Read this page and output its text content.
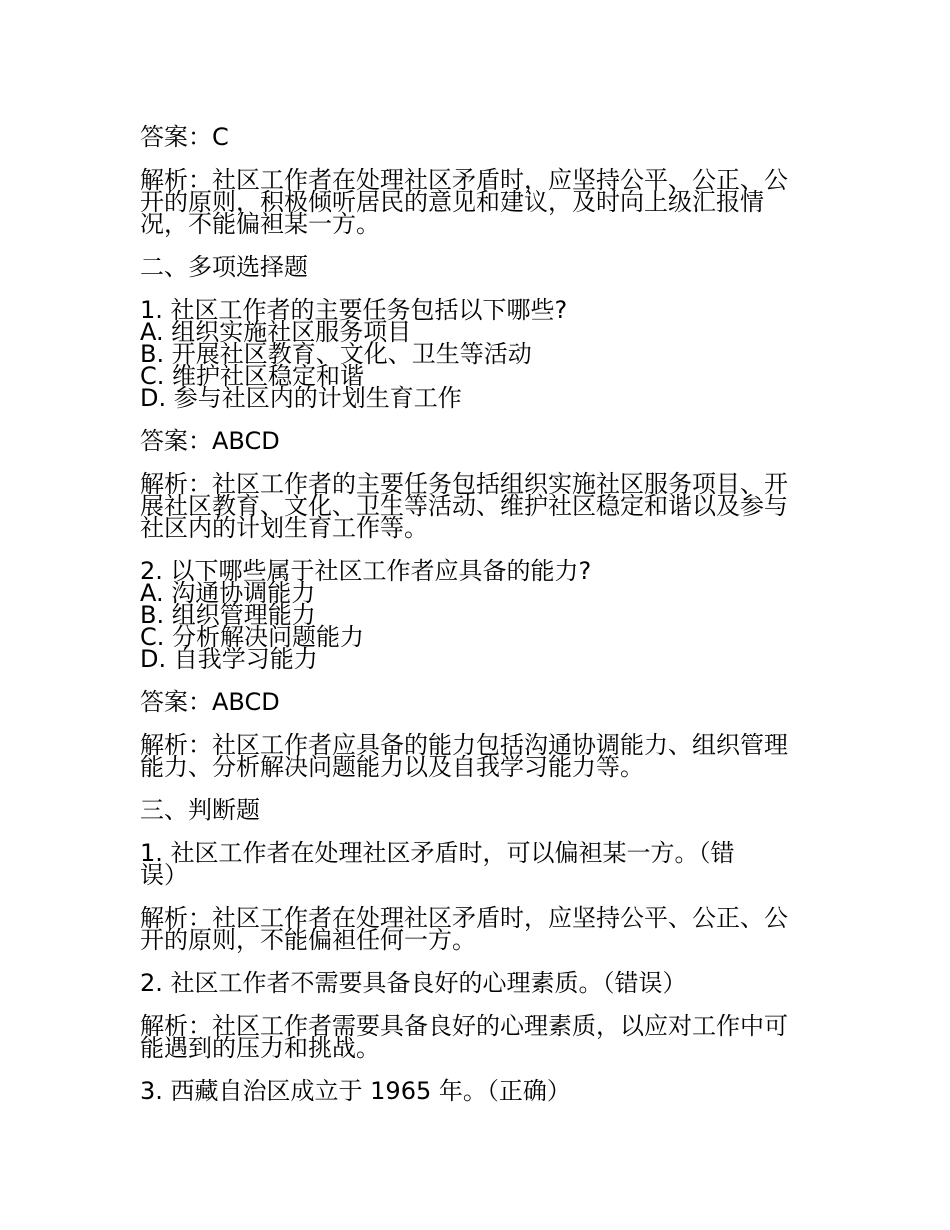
答案：C
解析：社区工作者在处理社区矛盾时，应坚持公平、公正、公
开的原则，积极倾听居民的意见和建议，及时向上级汇报情
况，不能偏袒某一方。
二、多项选择题
1. 社区工作者的主要任务包括以下哪些?
A. 组织实施社区服务项目
B. 开展社区教育、文化、卫生等活动
C. 维护社区稳定和谐
D. 参与社区内的计划生育工作
答案：ABCD
解析：社区工作者的主要任务包括组织实施社区服务项目、开
展社区教育、文化、卫生等活动、维护社区稳定和谐以及参与
社区内的计划生育工作等。
2. 以下哪些属于社区工作者应具备的能力?
A. 沟通协调能力
B. 组织管理能力
C. 分析解决问题能力
D. 自我学习能力
答案：ABCD
解析：社区工作者应具备的能力包括沟通协调能力、组织管理
能力、分析解决问题能力以及自我学习能力等。
三、判断题
1. 社区工作者在处理社区矛盾时，可以偏袒某一方。（错
误）
解析：社区工作者在处理社区矛盾时，应坚持公平、公正、公
开的原则，不能偏袒任何一方。
2. 社区工作者不需要具备良好的心理素质。（错误）
解析：社区工作者需要具备良好的心理素质，以应对工作中可
能遇到的压力和挑战。
3. 西藏自治区成立于 1965 年。（正确）
